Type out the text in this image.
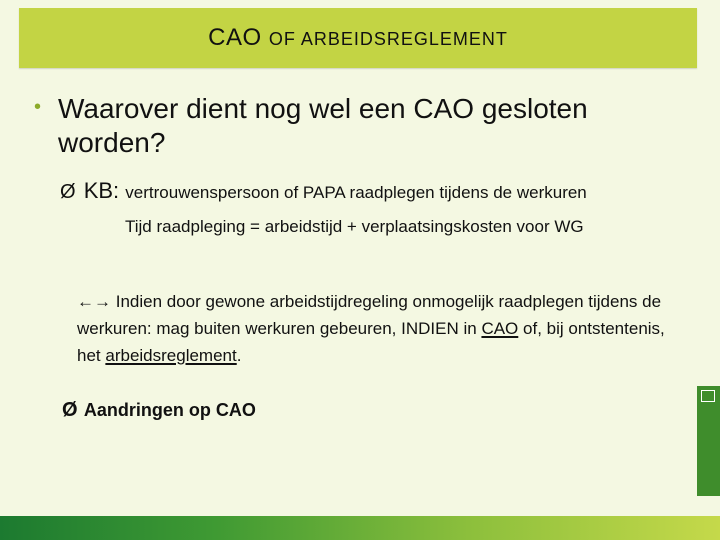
CAO OF ARBEIDSREGLEMENT
• Waarover dient nog wel een CAO gesloten worden?
Ø KB: vertrouwenspersoon of PAPA raadplegen tijdens de werkuren
Tijd raadpleging = arbeidstijd + verplaatsingskosten voor WG
←→ Indien door gewone arbeidstijdregeling onmogelijk raadplegen tijdens de werkuren: mag buiten werkuren gebeuren, INDIEN in CAO of, bij ontstentenis, het arbeidsreglement.
Ø Aandringen op CAO
